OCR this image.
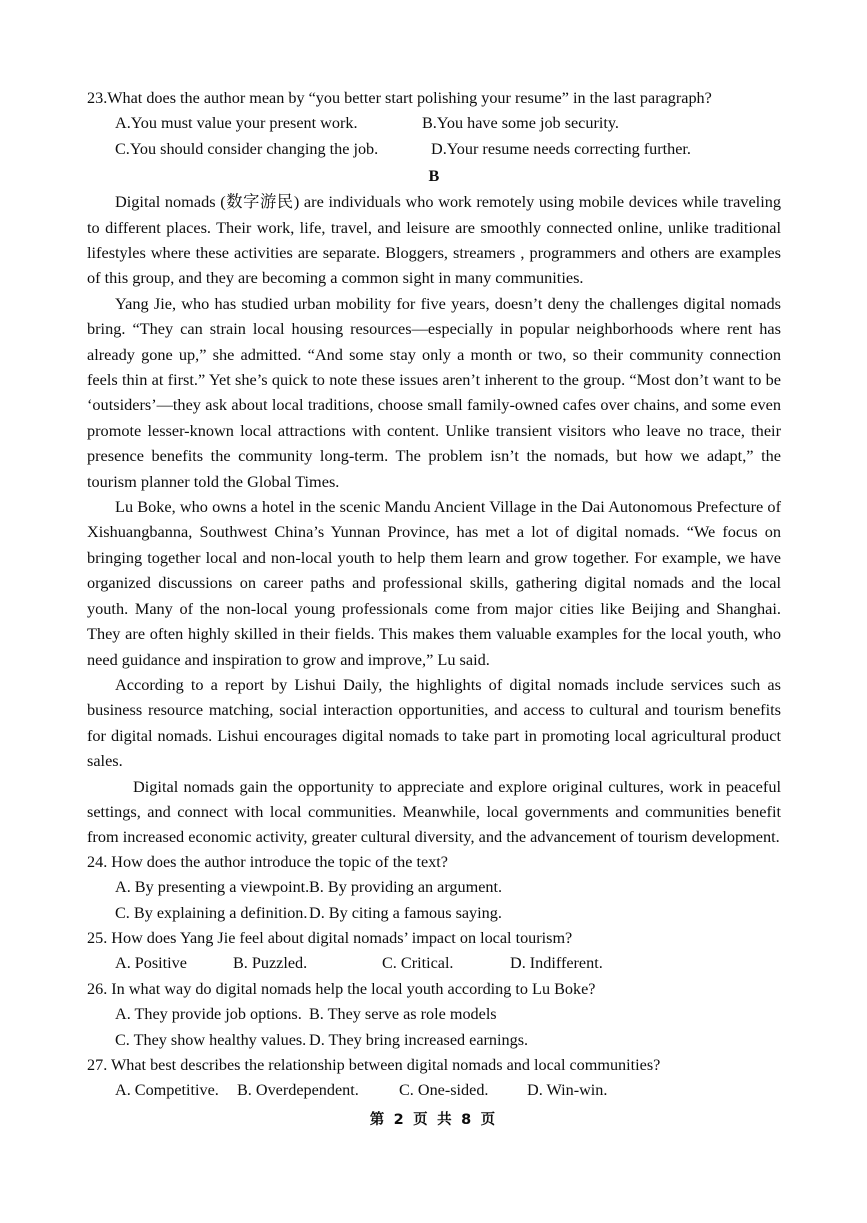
23.What does the author mean by “you better start polishing your resume” in the last paragraph?

A.You must value your present work.	B.You have some job security.
C.You should consider changing the job.	D.Your resume needs correcting further.
B

Digital nomads (数字游民) are individuals who work remotely using mobile devices while traveling to different places. Their work, life, travel, and leisure are smoothly connected online, unlike traditional lifestyles where these activities are separate. Bloggers, streamers , programmers and others are examples of this group, and they are becoming a common sight in many communities.

Yang Jie, who has studied urban mobility for five years, doesn’t deny the challenges digital nomads bring. “They can strain local housing resources—especially in popular neighborhoods where rent has already gone up,” she admitted. “And some stay only a month or two, so their community connection feels thin at first.” Yet she’s quick to note these issues aren’t inherent to the group. “Most don’t want to be ‘outsiders’—they ask about local traditions, choose small family-owned cafes over chains, and some even promote lesser-known local attractions with content. Unlike transient visitors who leave no trace, their presence benefits the community long-term. The problem isn’t the nomads, but how we adapt,” the tourism planner told the Global Times.

Lu Boke, who owns a hotel in the scenic Mandu Ancient Village in the Dai Autonomous Prefecture of Xishuangbanna, Southwest China’s Yunnan Province, has met a lot of digital nomads. “We focus on bringing together local and non-local youth to help them learn and grow together. For example, we have organized discussions on career paths and professional skills, gathering digital nomads and the local youth. Many of the non-local young professionals come from major cities like Beijing and Shanghai. They are often highly skilled in their fields. This makes them valuable examples for the local youth, who need guidance and inspiration to grow and improve,” Lu said.

According to a report by Lishui Daily, the highlights of digital nomads include services such as business resource matching, social interaction opportunities, and access to cultural and tourism benefits for digital nomads. Lishui encourages digital nomads to take part in promoting local agricultural product sales.

Digital nomads gain the opportunity to appreciate and explore original cultures, work in peaceful settings, and connect with local communities. Meanwhile, local governments and communities benefit from increased economic activity, greater cultural diversity, and the advancement of tourism development.

24. How does the author introduce the topic of the text?

A. By presenting a viewpoint. B. By providing an argument.
C. By explaining a definition. D. By citing a famous saying.

25. How does Yang Jie feel about digital nomads’ impact on local tourism?

A. Positive	B. Puzzled.	C. Critical.	D. Indifferent.

26. In what way do digital nomads help the local youth according to Lu Boke?

A. They provide job options. B. They serve as role models
C. They show healthy values. D. They bring increased earnings.

27. What best describes the relationship between digital nomads and local communities?

A. Competitive. B. Overdependent. C. One-sided. D. Win-win.
第 2 页 共 8 页
